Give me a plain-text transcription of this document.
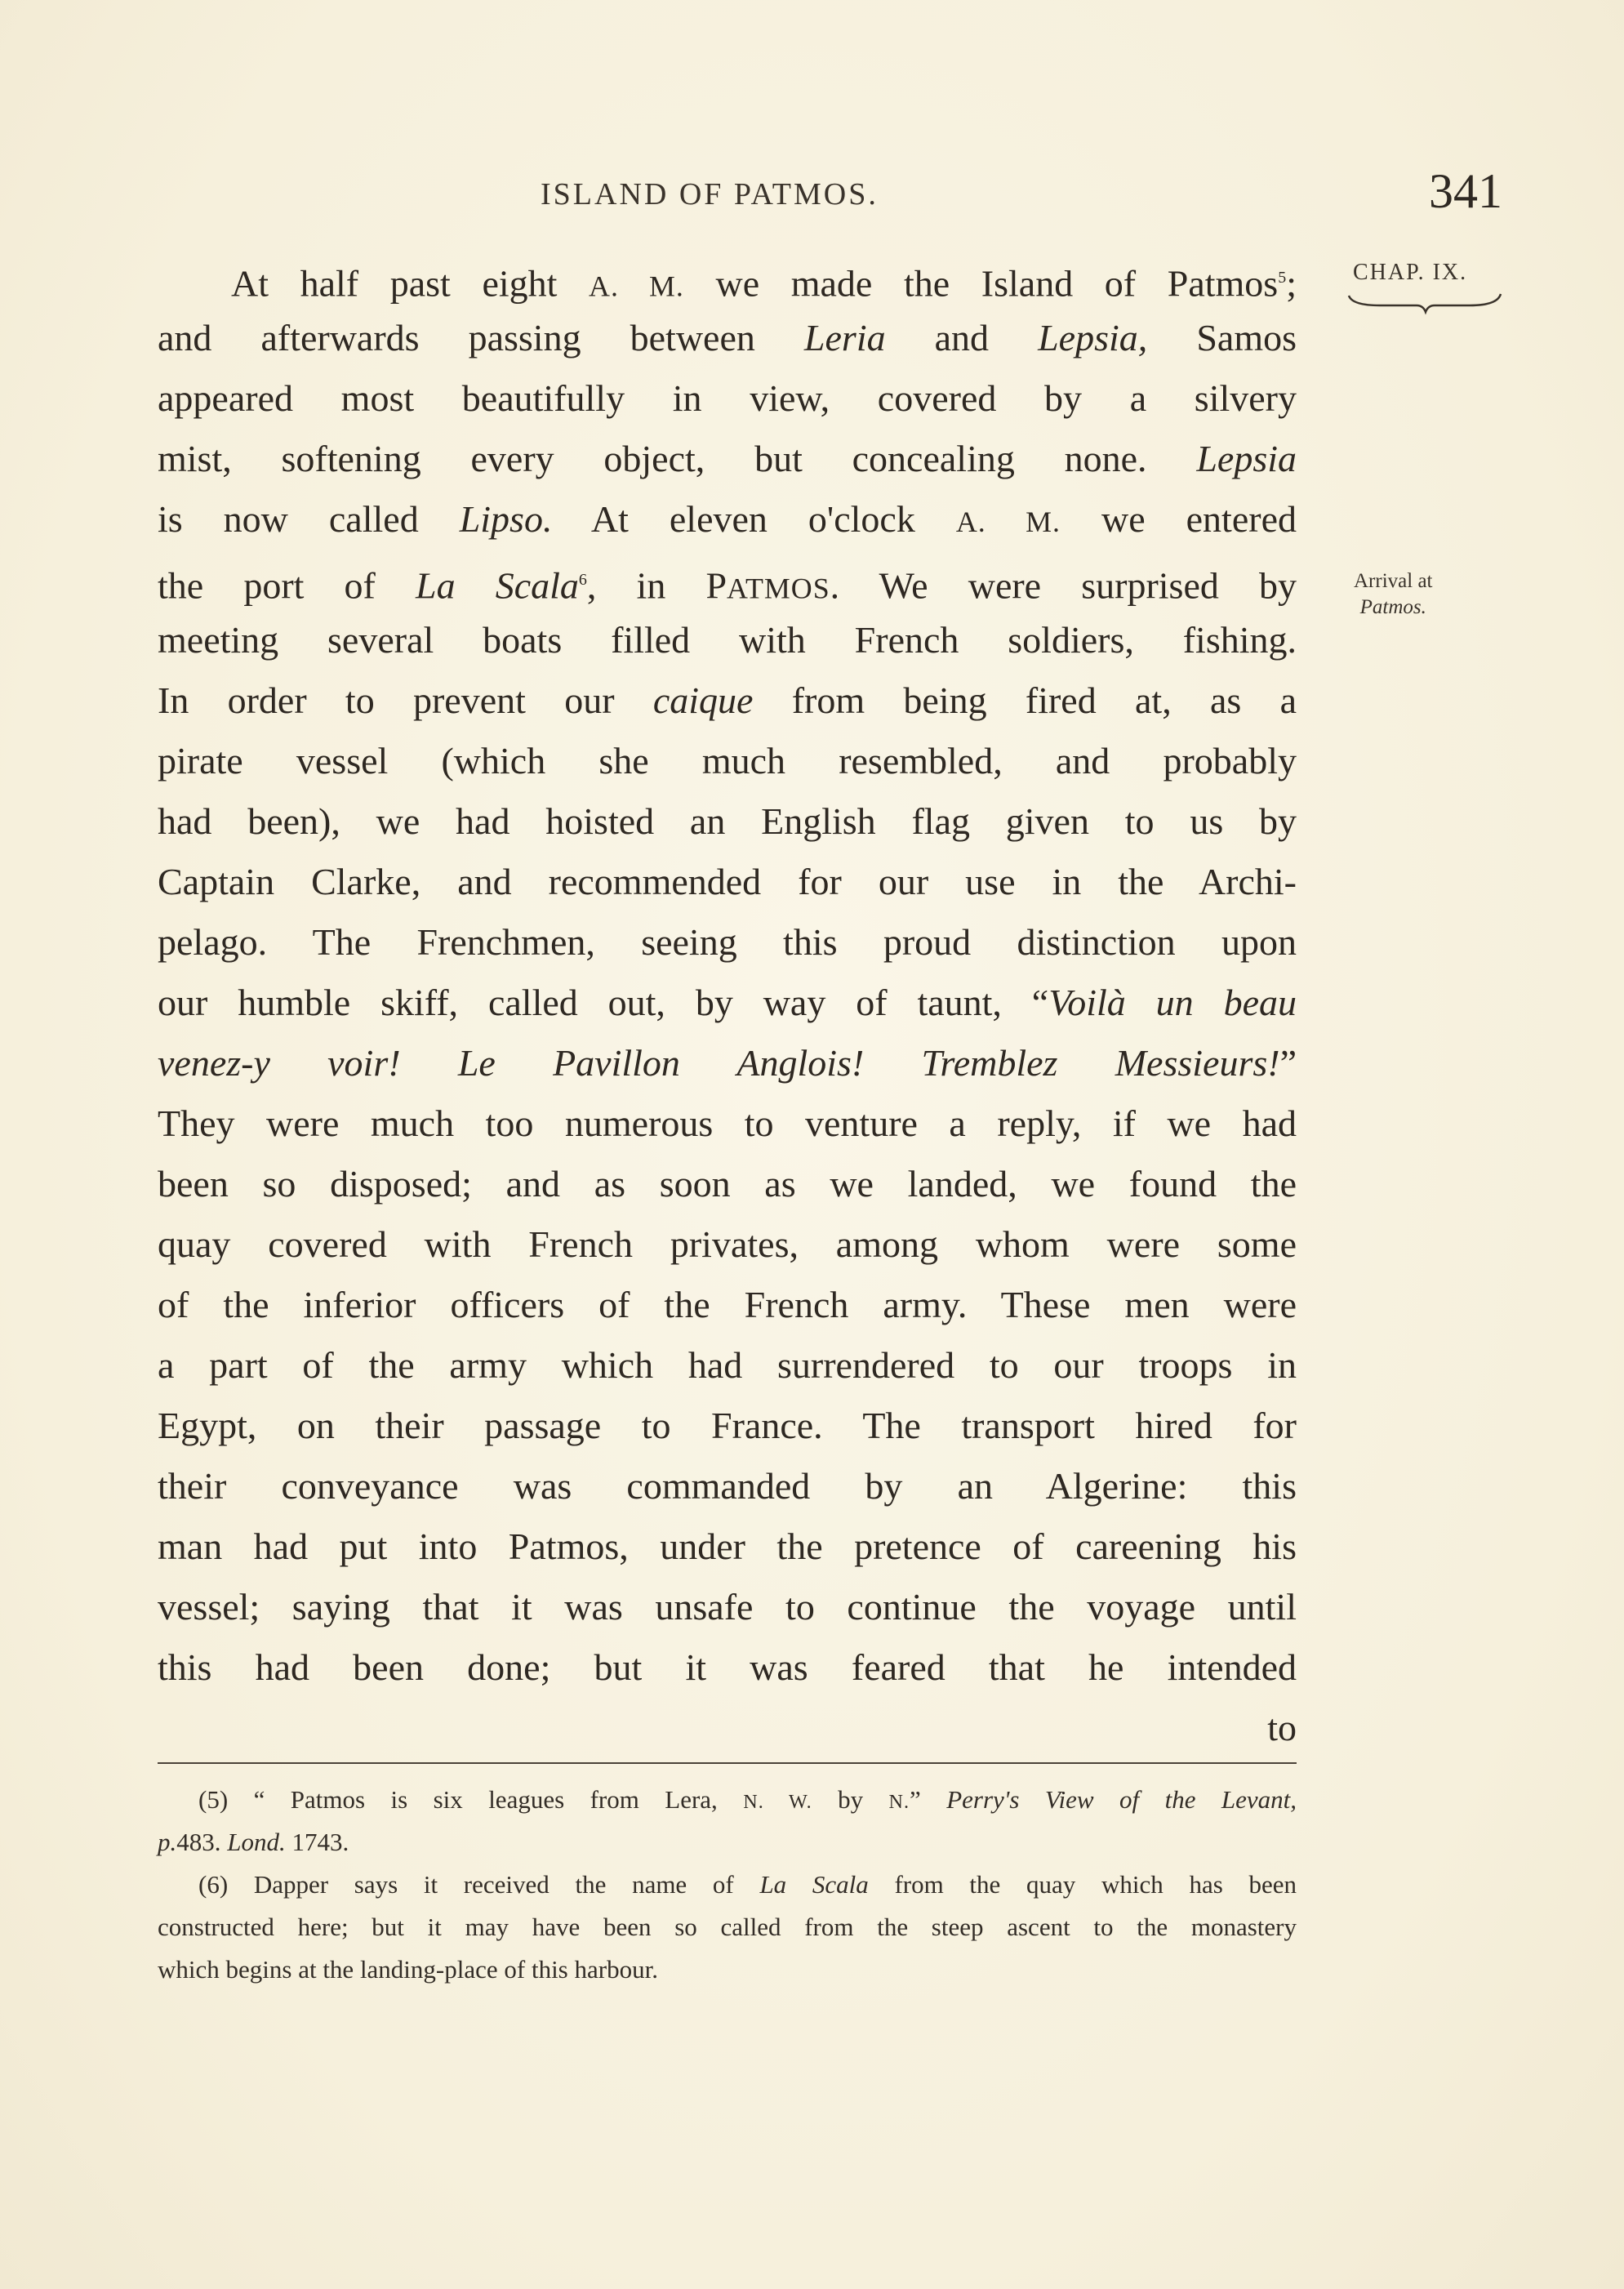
ISLAND OF PATMOS.	341
CHAP. IX.
Arrival at
Patmos.
At half past eight A. M. we made the Island of Patmos$^5$;
and afterwards passing between Leria and Lepsia, Samos
appeared most beautifully in view, covered by a silvery
mist, softening every object, but concealing none. Lepsia
is now called Lipso. At eleven o'clock A. M. we entered
the port of La Scala$^6$, in PATMOS. We were surprised by
meeting several boats filled with French soldiers, fishing.
In order to prevent our caique from being fired at, as a
pirate vessel (which she much resembled, and probably
had been), we had hoisted an English flag given to us by
Captain Clarke, and recommended for our use in the Archi-
pelago. The Frenchmen, seeing this proud distinction upon
our humble skiff, called out, by way of taunt, “Voilà un beau
venez-y voir! Le Pavillon Anglois! Tremblez Messieurs!”
They were much too numerous to venture a reply, if we had
been so disposed; and as soon as we landed, we found the
quay covered with French privates, among whom were some
of the inferior officers of the French army. These men were
a part of the army which had surrendered to our troops in
Egypt, on their passage to France. The transport hired for
their conveyance was commanded by an Algerine: this
man had put into Patmos, under the pretence of careening his
vessel; saying that it was unsafe to continue the voyage until
this had been done; but it was feared that he intended
to
(5) “ Patmos is six leagues from Lera, N. W. by N.” Perry's View of the Levant,
p.483. Lond. 1743.
(6) Dapper says it received the name of La Scala from the quay which has been
constructed here; but it may have been so called from the steep ascent to the monastery
which begins at the landing-place of this harbour.
